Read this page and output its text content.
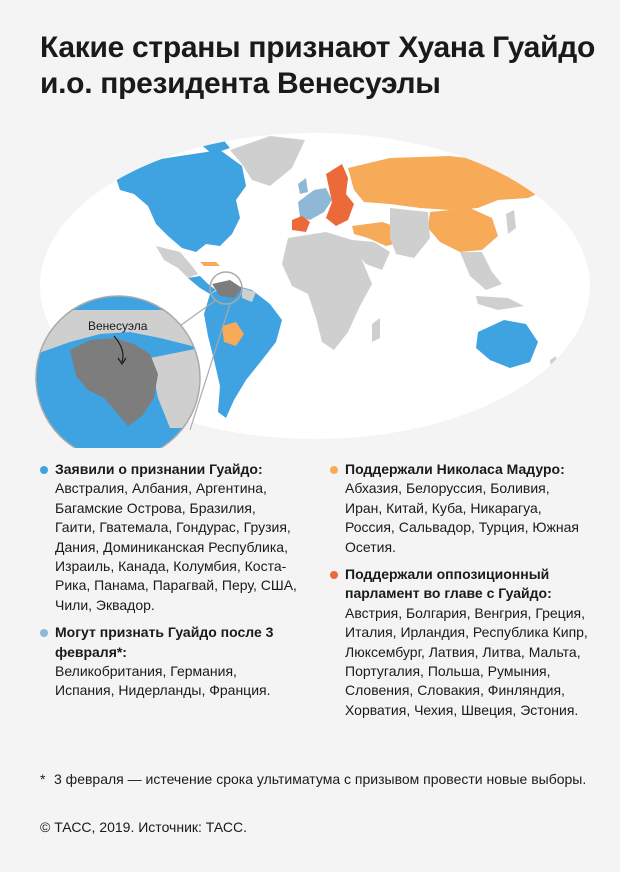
Какие страны признают Хуана Гуайдо и.о. президента Венесуэлы
Венесуэла
Заявили о признании Гуайдо:
Австралия, Албания, Аргентина, Багамские Острова, Бразилия, Гаити, Гватемала, Гондурас, Грузия, Дания, Доминиканская Республика, Израиль, Канада, Колумбия, Коста-Рика, Панама, Парагвай, Перу, США, Чили, Эквадор.
Могут признать Гуайдо после 3 февраля*:
Великобритания, Германия, Испания, Нидерланды, Франция.
Поддержали Николаса Мадуро:
Абхазия, Белоруссия, Боливия, Иран, Китай, Куба, Никарагуа, Россия, Сальвадор, Турция, Южная Осетия.
Поддержали оппозиционный парламент во главе с Гуайдо:
Австрия, Болгария, Венгрия, Греция, Италия, Ирландия, Республика Кипр, Люксембург, Латвия, Литва, Мальта, Португалия, Польша, Румыния, Словения, Словакия, Финляндия, Хорватия, Чехия, Швеция, Эстония.
* 3 февраля — истечение срока ультиматума с призывом провести новые выборы.
© ТАСС, 2019. Источник: ТАСС.
